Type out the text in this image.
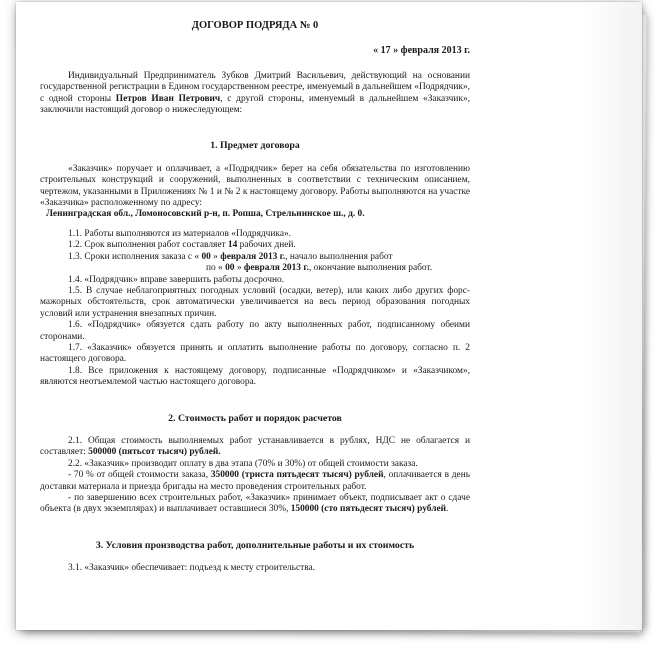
ДОГОВОР ПОДРЯДА № 0
« 17 » февраля 2013 г.

Индивидуальный Предприниматель Зубков Дмитрий Васильевич, действующий на основании государственной регистрации в Едином государственном реестре, именуемый в дальнейшем «Подрядчик», с одной стороны Петров Иван Петрович, с другой стороны, именуемый в дальнейшем «Заказчик», заключили настоящий договор о нижеследующем:

1. Предмет договора

«Заказчик» поручает и оплачивает, а «Подрядчик» берет на себя обязательства по изготовлению строительных конструкций и сооружений, выполненных в соответствии с техническим описанием, чертежом, указанными в Приложениях № 1 и № 2 к настоящему договору. Работы выполняются на участке «Заказчика» расположенному по адресу:

Ленинградская обл., Ломоносовский р-н, п. Ропша, Стрельнинское ш., д. 0.

1.1. Работы выполняются из материалов «Подрядчика».

1.2. Срок выполнения работ составляет 14 рабочих дней.

1.3. Сроки исполнения заказа с « 00 » февраля 2013 г., начало выполнения работ

по « 00 » февраля 2013 г., окончание выполнения работ.

1.4. «Подрядчик» вправе завершить работы досрочно.

1.5. В случае неблагоприятных погодных условий (осадки, ветер), или каких либо других форс-мажорных обстоятельств, срок автоматически увеличивается на весь период образования погодных условий или устранения внезапных причин.

1.6. «Подрядчик» обязуется сдать работу по акту выполненных работ, подписанному обеими сторонами.

1.7. «Заказчик» обязуется принять и оплатить выполнение работы по договору, согласно п. 2 настоящего договора.

1.8. Все приложения к настоящему договору, подписанные «Подрядчиком» и «Заказчиком», являются неотъемлемой частью настоящего договора.

2. Стоимость работ и порядок расчетов

2.1. Общая стоимость выполняемых работ устанавливается в рублях, НДС не облагается и составляет: 500000 (пятьсот тысяч) рублей.

2.2. «Заказчик» производит оплату в два этапа (70% и 30%) от общей стоимости заказа.

- 70 % от общей стоимости заказа, 350000 (триста пятьдесят тысяч) рублей, оплачивается в день доставки материала и приезда бригады на место проведения строительных работ.

- по завершению всех строительных работ, «Заказчик» принимает объект, подписывает акт о сдаче объекта (в двух экземплярах) и выплачивает оставшиеся 30%, 150000 (сто пятьдесят тысяч) рублей.

3. Условия производства работ, дополнительные работы и их стоимость

3.1. «Заказчик» обеспечивает: подъезд к месту строительства.
